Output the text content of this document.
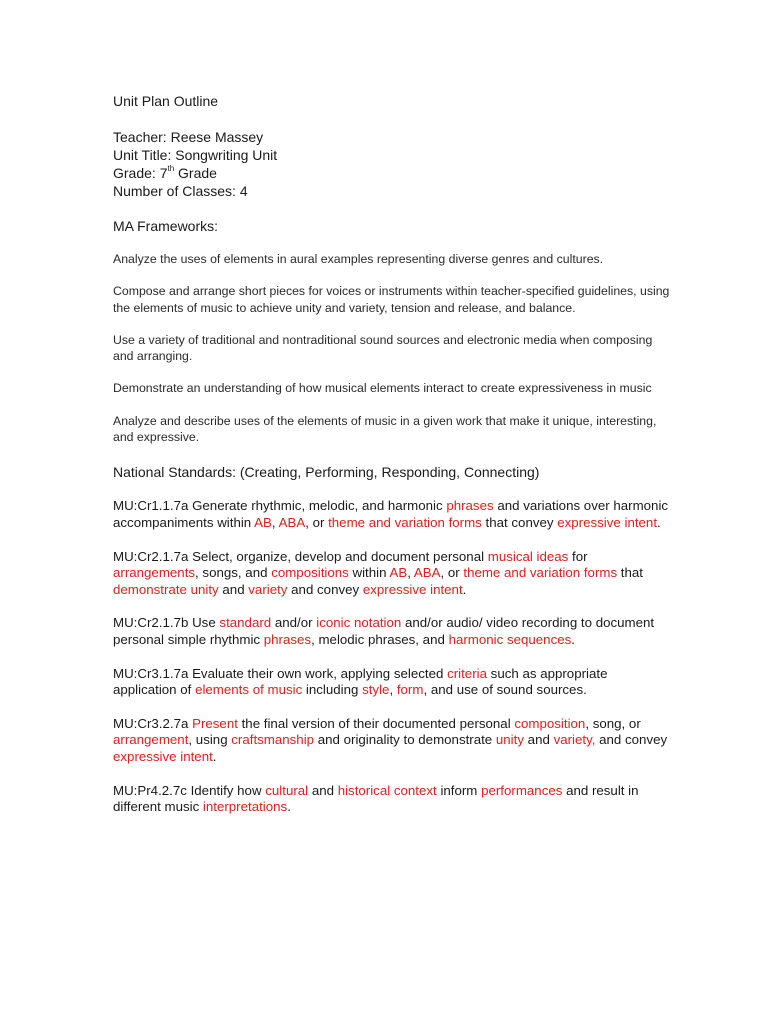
Unit Plan Outline

Teacher: Reese Massey

Unit Title: Songwriting Unit

Grade: 7th Grade

Number of Classes: 4

MA Frameworks:

Analyze the uses of elements in aural examples representing diverse genres and cultures.

Compose and arrange short pieces for voices or instruments within teacher-specified guidelines, using the elements of music to achieve unity and variety, tension and release, and balance.

Use a variety of traditional and nontraditional sound sources and electronic media when composing and arranging.

Demonstrate an understanding of how musical elements interact to create expressiveness in music

Analyze and describe uses of the elements of music in a given work that make it unique, interesting, and expressive.

National Standards: (Creating, Performing, Responding, Connecting)

MU:Cr1.1.7a Generate rhythmic, melodic, and harmonic phrases and variations over harmonic accompaniments within AB, ABA, or theme and variation forms that convey expressive intent.

MU:Cr2.1.7a Select, organize, develop and document personal musical ideas for arrangements, songs, and compositions within AB, ABA, or theme and variation forms that demonstrate unity and variety and convey expressive intent.

MU:Cr2.1.7b Use standard and/or iconic notation and/or audio/ video recording to document personal simple rhythmic phrases, melodic phrases, and harmonic sequences.

MU:Cr3.1.7a Evaluate their own work, applying selected criteria such as appropriate application of elements of music including style, form, and use of sound sources.

MU:Cr3.2.7a Present the final version of their documented personal composition, song, or arrangement, using craftsmanship and originality to demonstrate unity and variety, and convey expressive intent.

MU:Pr4.2.7c Identify how cultural and historical context inform performances and result in different music interpretations.
